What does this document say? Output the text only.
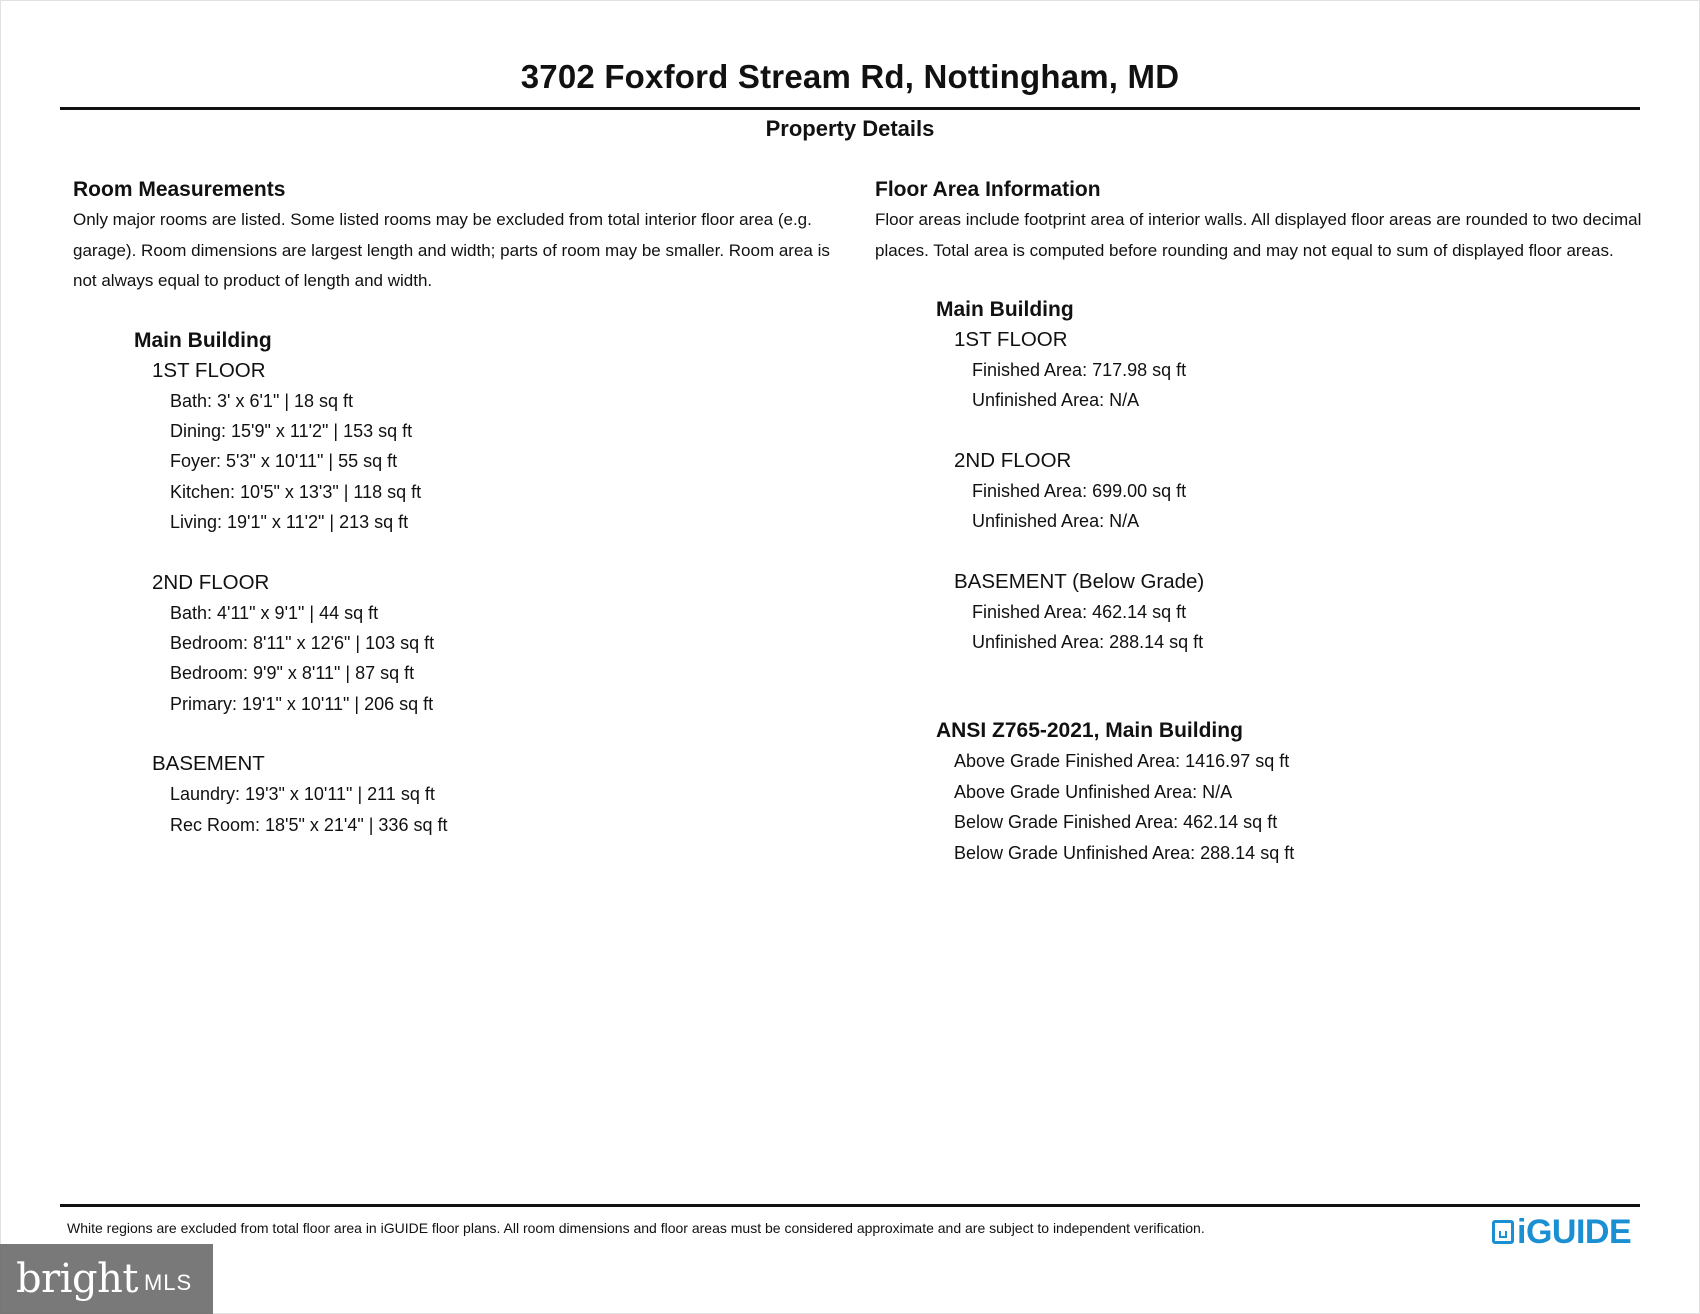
3702 Foxford Stream Rd, Nottingham, MD
Property Details
Room Measurements
Only major rooms are listed. Some listed rooms may be excluded from total interior floor area (e.g. garage). Room dimensions are largest length and width; parts of room may be smaller. Room area is not always equal to product of length and width.
Main Building
1ST FLOOR
Bath: 3' x 6'1" | 18 sq ft
Dining: 15'9" x 11'2" | 153 sq ft
Foyer: 5'3" x 10'11" | 55 sq ft
Kitchen: 10'5" x 13'3" | 118 sq ft
Living: 19'1" x 11'2" | 213 sq ft
2ND FLOOR
Bath: 4'11" x 9'1" | 44 sq ft
Bedroom: 8'11" x 12'6" | 103 sq ft
Bedroom: 9'9" x 8'11" | 87 sq ft
Primary: 19'1" x 10'11" | 206 sq ft
BASEMENT
Laundry: 19'3" x 10'11" | 211 sq ft
Rec Room: 18'5" x 21'4" | 336 sq ft
Floor Area Information
Floor areas include footprint area of interior walls. All displayed floor areas are rounded to two decimal places. Total area is computed before rounding and may not equal to sum of displayed floor areas.
Main Building
1ST FLOOR
Finished Area: 717.98 sq ft
Unfinished Area: N/A
2ND FLOOR
Finished Area: 699.00 sq ft
Unfinished Area: N/A
BASEMENT (Below Grade)
Finished Area: 462.14 sq ft
Unfinished Area: 288.14 sq ft
ANSI Z765-2021, Main Building
Above Grade Finished Area: 1416.97 sq ft
Above Grade Unfinished Area: N/A
Below Grade Finished Area: 462.14 sq ft
Below Grade Unfinished Area: 288.14 sq ft
White regions are excluded from total floor area in iGUIDE floor plans. All room dimensions and floor areas must be considered approximate and are subject to independent verification.	iGUIDE
bright MLS
